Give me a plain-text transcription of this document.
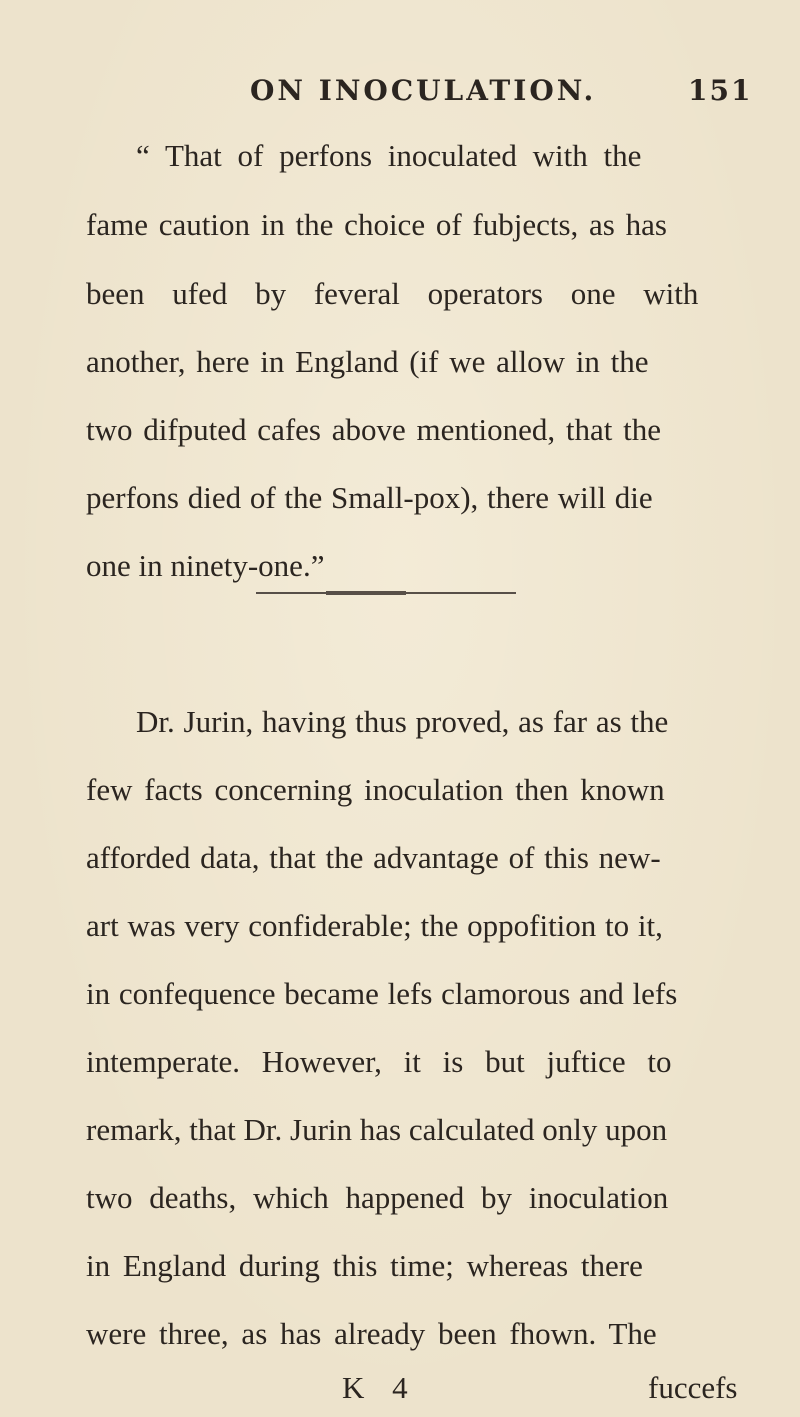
ON INOCULATION.	151
“ That of perfons inoculated with the
fame caution in the choice of fubjects, as has
been ufed by feveral operators one with
another, here in England (if we allow in the
two difputed cafes above mentioned, that the
perfons died of the Small-pox), there will die
one in ninety-one.”
Dr. Jurin, having thus proved, as far as the
few facts concerning inoculation then known
afforded data, that the advantage of this new-
art was very confiderable; the oppofition to it,
in confequence became lefs clamorous and lefs
intemperate. However, it is but juftice to
remark, that Dr. Jurin has calculated only upon
two deaths, which happened by inoculation
in England during this time; whereas there
were three, as has already been fhown. The
K 4	fuccefs
